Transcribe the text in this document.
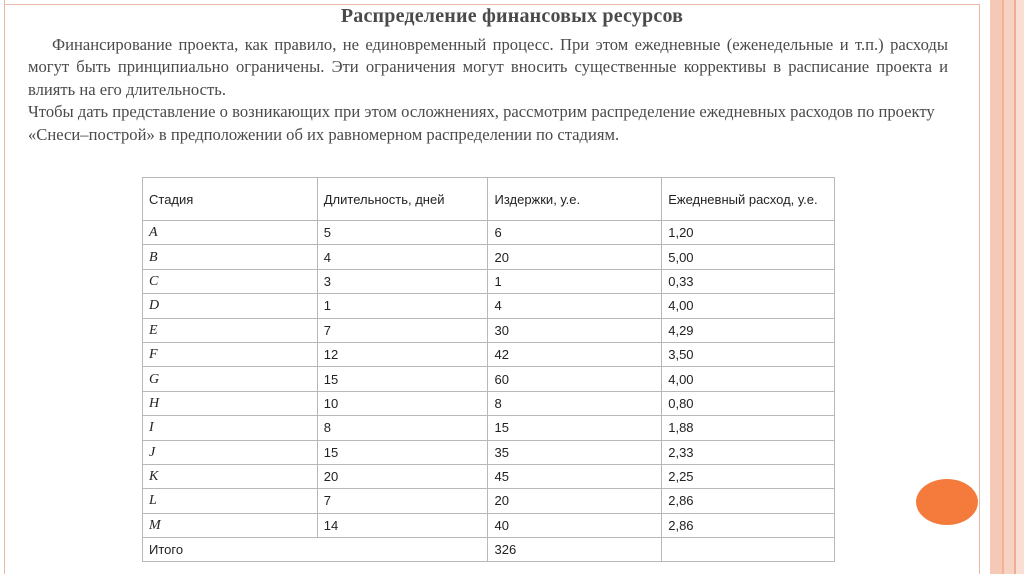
Распределение финансовых ресурсов

Финансирование проекта, как правило, не единовременный процесс. При этом ежедневные (еженедельные и т.п.) расходы могут быть принципиально ограничены. Эти ограничения могут вносить существенные коррективы в расписание проекта и влиять на его длительность.

Чтобы дать представление о возникающих при этом осложнениях, рассмотрим распределение ежедневных расходов по проекту «Снеси–построй» в предположении об их равномерном распределении по стадиям.

Стадия	Длительность, дней	Издержки, у.е.	Ежедневный расход, у.е.
A	5	6	1,20
B	4	20	5,00
C	3	1	0,33
D	1	4	4,00
E	7	30	4,29
F	12	42	3,50
G	15	60	4,00
H	10	8	0,80
I	8	15	1,88
J	15	35	2,33
K	20	45	2,25
L	7	20	2,86
M	14	40	2,86
Итого		326	
